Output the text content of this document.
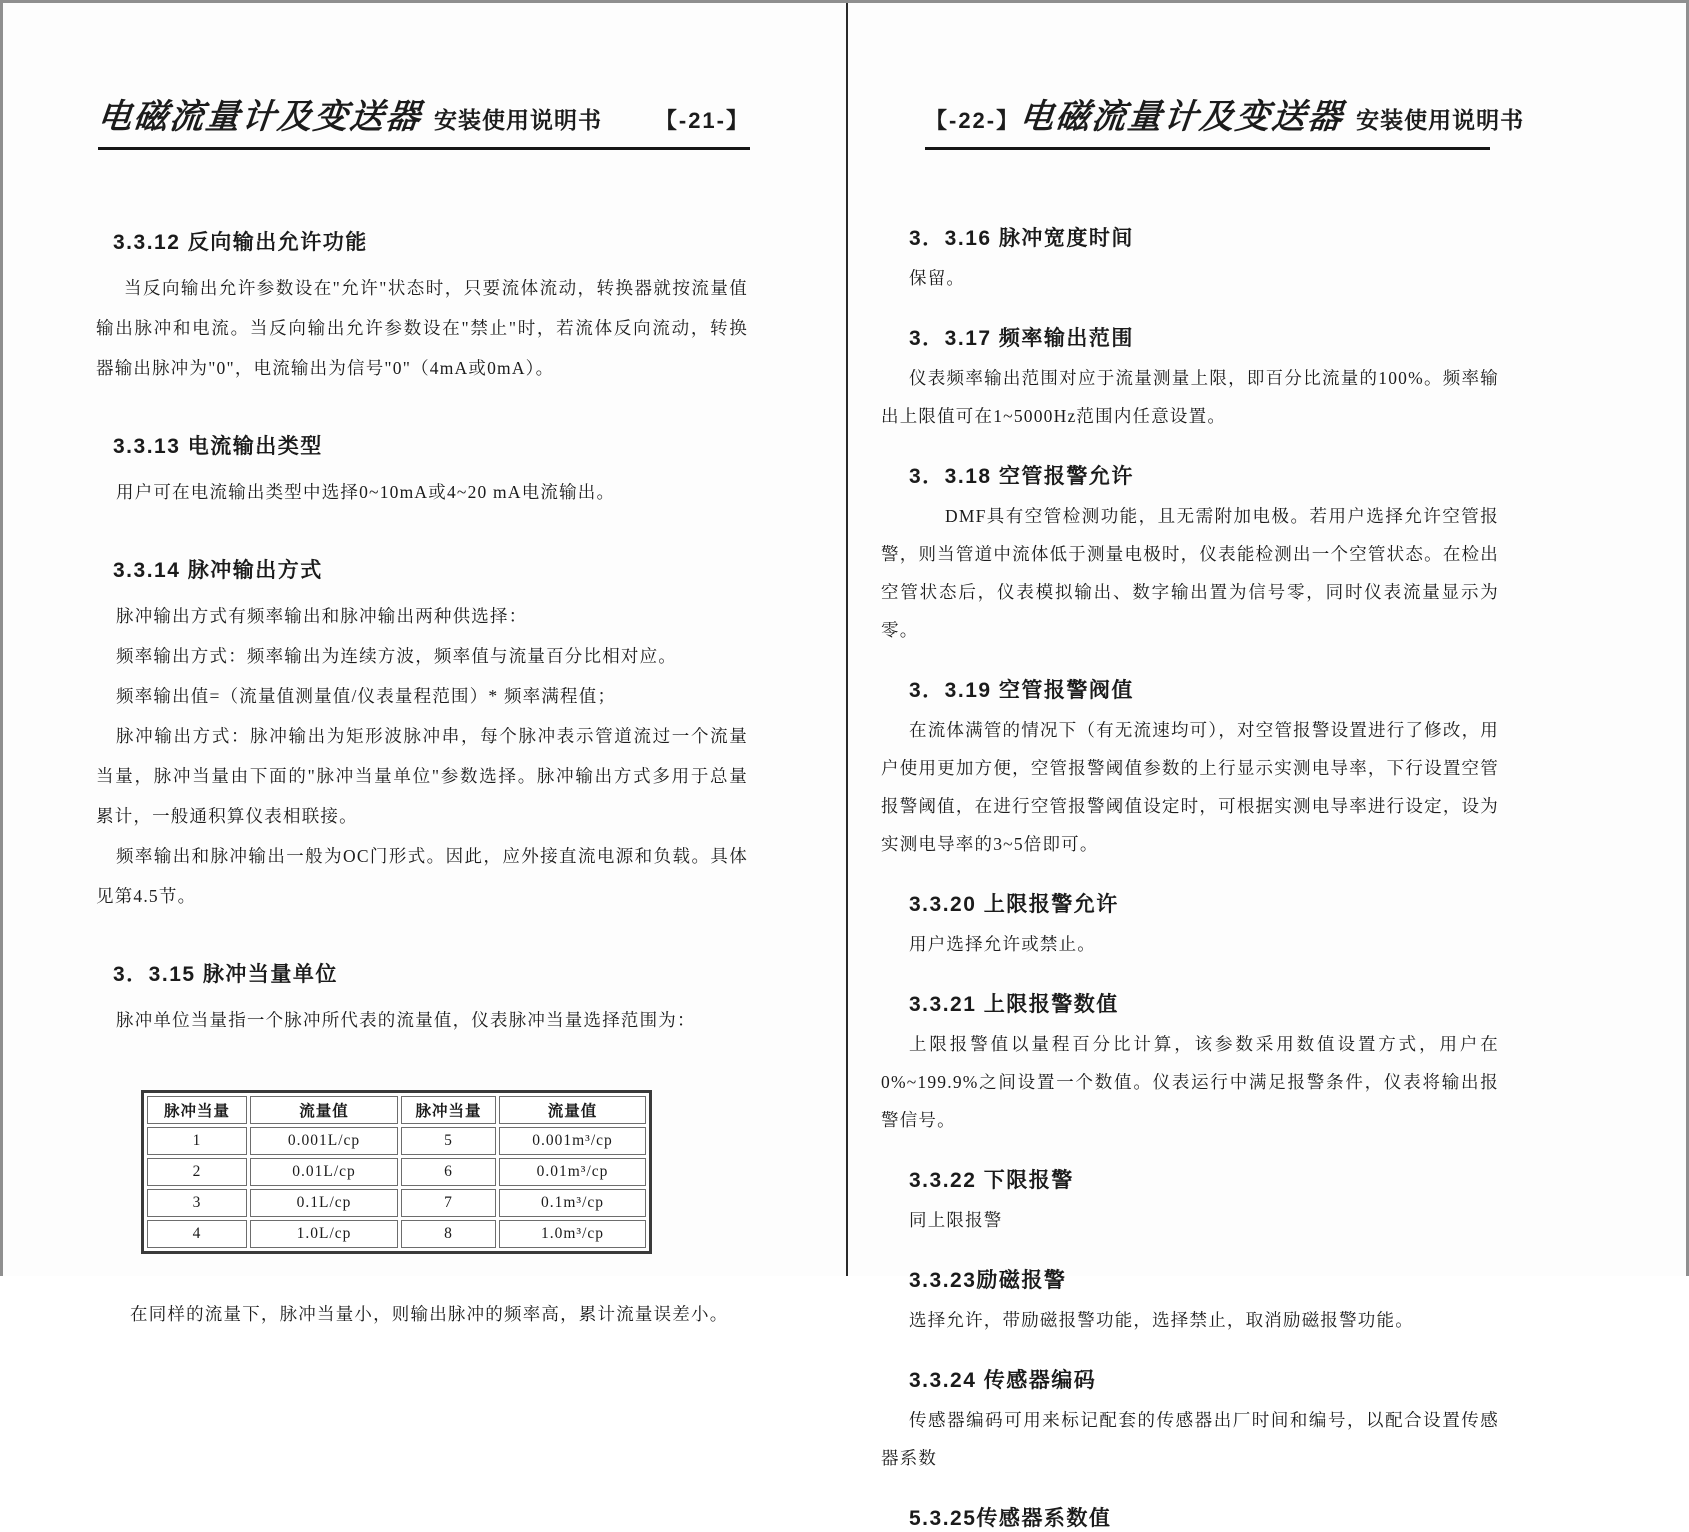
电磁流量计及变送器 安装使用说明书 【-21-】
3.3.12 反向输出允许功能

当反向输出允许参数设在"允许"状态时，只要流体流动，转换器就按流量值输出脉冲和电流。当反向输出允许参数设在"禁止"时，若流体反向流动，转换器输出脉冲为"0"，电流输出为信号"0"（4mA或0mA）。

3.3.13 电流输出类型

用户可在电流输出类型中选择0~10mA或4~20 mA电流输出。

3.3.14 脉冲输出方式

脉冲输出方式有频率输出和脉冲输出两种供选择：

频率输出方式：频率输出为连续方波，频率值与流量百分比相对应。

频率输出值=（流量值测量值/仪表量程范围）* 频率满程值；

脉冲输出方式：脉冲输出为矩形波脉冲串，每个脉冲表示管道流过一个流量当量，脉冲当量由下面的"脉冲当量单位"参数选择。脉冲输出方式多用于总量累计，一般通积算仪表相联接。

频率输出和脉冲输出一般为OC门形式。因此，应外接直流电源和负载。具体见第4.5节。

3．3.15 脉冲当量单位

脉冲单位当量指一个脉冲所代表的流量值，仪表脉冲当量选择范围为：

脉冲当量	流量值	脉冲当量	流量值
1	0.001L/cp	5	0.001m³/cp
2	0.01L/cp	6	0.01m³/cp
3	0.1L/cp	7	0.1m³/cp
4	1.0L/cp	8	1.0m³/cp

在同样的流量下，脉冲当量小，则输出脉冲的频率高，累计流量误差小。

【-22-】
电磁流量计及变送器 安装使用说明书
3．3.16 脉冲宽度时间

保留。

3．3.17 频率输出范围

仪表频率输出范围对应于流量测量上限，即百分比流量的100%。频率输出上限值可在1~5000Hz范围内任意设置。

3．3.18 空管报警允许

DMF具有空管检测功能，且无需附加电极。若用户选择允许空管报警，则当管道中流体低于测量电极时，仪表能检测出一个空管状态。在检出空管状态后，仪表模拟输出、数字输出置为信号零，同时仪表流量显示为零。

3．3.19 空管报警阀值

在流体满管的情况下（有无流速均可），对空管报警设置进行了修改，用户使用更加方便，空管报警阈值参数的上行显示实测电导率，下行设置空管报警阈值，在进行空管报警阈值设定时，可根据实测电导率进行设定，设为实测电导率的3~5倍即可。

3.3.20 上限报警允许

用户选择允许或禁止。

3.3.21 上限报警数值

上限报警值以量程百分比计算，该参数采用数值设置方式，用户在0%~199.9%之间设置一个数值。仪表运行中满足报警条件，仪表将输出报警信号。

3.3.22 下限报警

同上限报警

3.3.23励磁报警

选择允许，带励磁报警功能，选择禁止，取消励磁报警功能。

3.3.24 传感器编码

传感器编码可用来标记配套的传感器出厂时间和编号，以配合设置传感器系数

5.3.25传感器系数值
